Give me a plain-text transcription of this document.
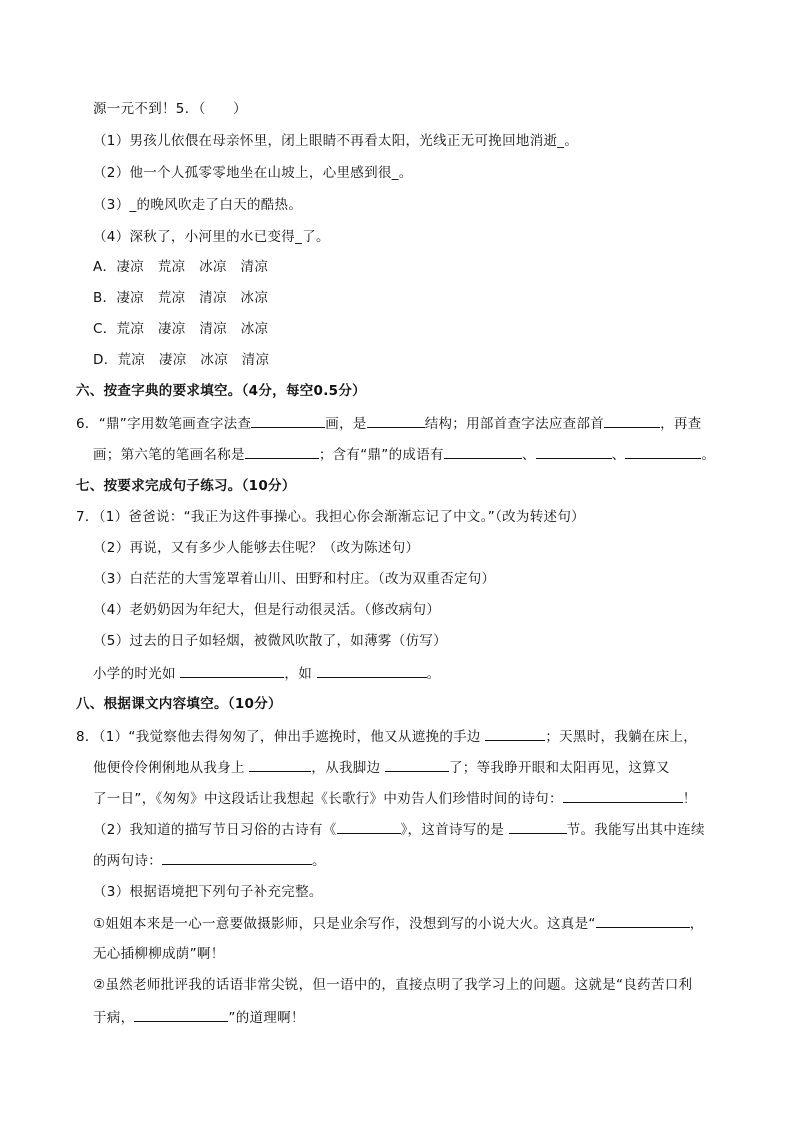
源一元不到！5．（　　）
（1）男孩儿依偎在母亲怀里，闭上眼睛不再看太阳，光线正无可挽回地消逝_。
（2）他一个人孤零零地坐在山坡上，心里感到很_。
（3）_的晚风吹走了白天的酷热。
（4）深秋了，小河里的水已变得_了。
A．凄凉　荒凉　冰凉　清凉
B．凄凉　荒凉　清凉　冰凉
C．荒凉　凄凉　清凉　冰凉
D．荒凉　凄凉　冰凉　清凉
六、按查字典的要求填空。（4分，每空0.5分）
6．“鼎”字用数笔画查字法查	画，是	结构；用部首查字法应查部首	，再查
画；第六笔的笔画名称是	；含有“鼎”的成语有	、	、	。
七、按要求完成句子练习。（10分）
7．（1）爸爸说：“我正为这件事操心。我担心你会渐渐忘记了中文。”（改为转述句）
（2）再说，又有多少人能够去住呢？（改为陈述句）
（3）白茫茫的大雪笼罩着山川、田野和村庄。（改为双重否定句）
（4）老奶奶因为年纪大，但是行动很灵活。（修改病句）
（5）过去的日子如轻烟，被微风吹散了，如薄雾（仿写）
小学的时光如	，如	。
八、根据课文内容填空。（10分）
8．（1）“我觉察他去得匆匆了，伸出手遮挽时，他又从遮挽的手边	；天黑时，我躺在床上，
他便伶伶俐俐地从我身上	，从我脚边	了；等我睁开眼和太阳再见，这算又
了一日”，《匆匆》中这段话让我想起《长歌行》中劝告人们珍惜时间的诗句：	！
（2）我知道的描写节日习俗的古诗有《	》，这首诗写的是	节。我能写出其中连续
的两句诗：	。
（3）根据语境把下列句子补充完整。
①姐姐本来是一心一意要做摄影师，只是业余写作，没想到写的小说大火。这真是“	，
无心插柳柳成荫”啊！
②虽然老师批评我的话语非常尖锐，但一语中的，直接点明了我学习上的问题。这就是“良药苦口利
于病，	”的道理啊！
